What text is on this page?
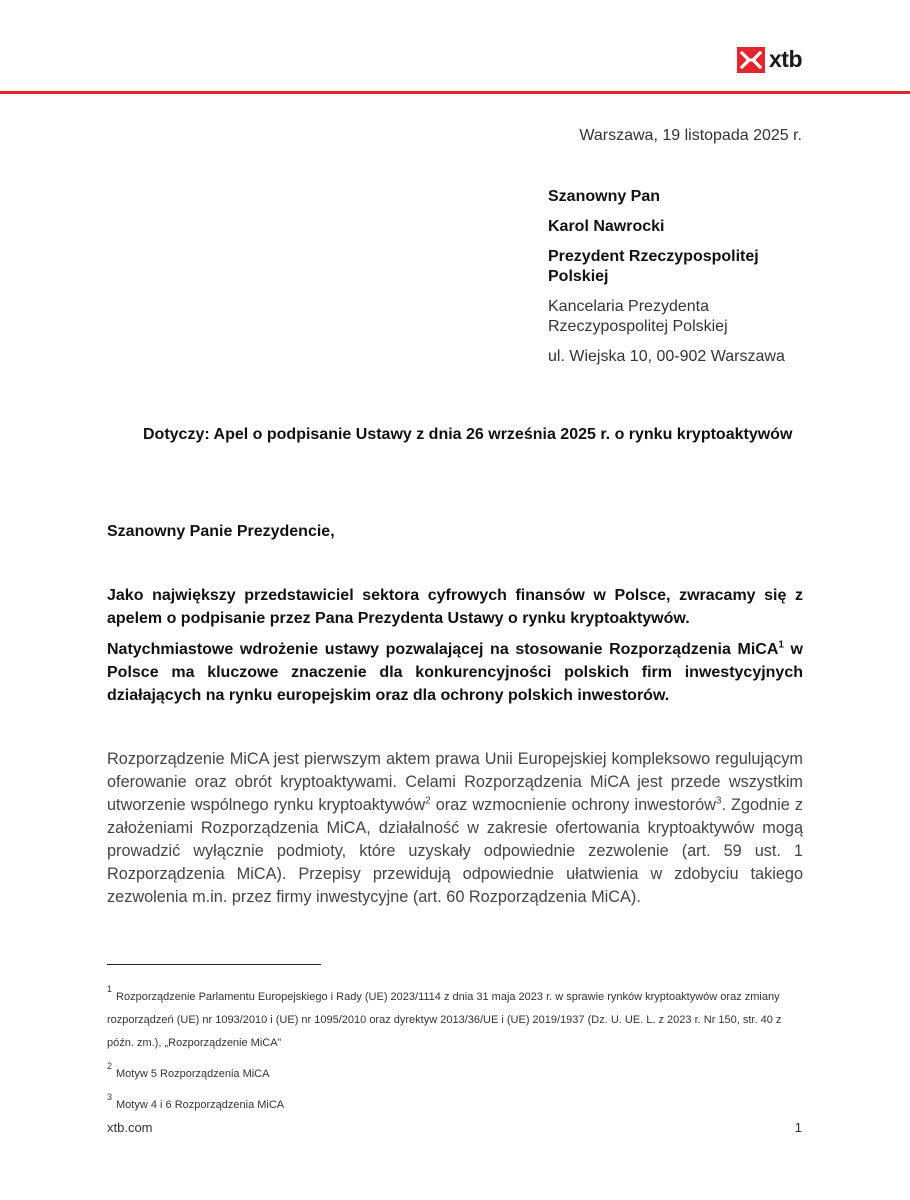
xtb
Warszawa, 19 listopada 2025 r.
Szanowny Pan
Karol Nawrocki
Prezydent Rzeczypospolitej Polskiej
Kancelaria Prezydenta Rzeczypospolitej Polskiej
ul. Wiejska 10, 00-902 Warszawa
Dotyczy: Apel o podpisanie Ustawy z dnia 26 września 2025 r. o rynku kryptoaktywów
Szanowny Panie Prezydencie,
Jako największy przedstawiciel sektora cyfrowych finansów w Polsce, zwracamy się z apelem o podpisanie przez Pana Prezydenta Ustawy o rynku kryptoaktywów.
Natychmiastowe wdrożenie ustawy pozwalającej na stosowanie Rozporządzenia MiCA$^1$ w Polsce ma kluczowe znaczenie dla konkurencyjności polskich firm inwestycyjnych działających na rynku europejskim oraz dla ochrony polskich inwestorów.
Rozporządzenie MiCA jest pierwszym aktem prawa Unii Europejskiej kompleksowo regulującym oferowanie oraz obrót kryptoaktywami. Celami Rozporządzenia MiCA jest przede wszystkim utworzenie wspólnego rynku kryptoaktywów$^2$ oraz wzmocnienie ochrony inwestorów$^3$. Zgodnie z założeniami Rozporządzenia MiCA, działalność w zakresie ofertowania kryptoaktywów mogą prowadzić wyłącznie podmioty, które uzyskały odpowiednie zezwolenie (art. 59 ust. 1 Rozporządzenia MiCA). Przepisy przewidują odpowiednie ułatwienia w zdobyciu takiego zezwolenia m.in. przez firmy inwestycyjne (art. 60 Rozporządzenia MiCA).
$^1$Rozporządzenie Parlamentu Europejskiego i Rady (UE) 2023/1114 z dnia 31 maja 2023 r. w sprawie rynków kryptoaktywów oraz zmiany rozporządzeń (UE) nr 1093/2010 i (UE) nr 1095/2010 oraz dyrektyw 2013/36/UE i (UE) 2019/1937 (Dz. U. UE. L. z 2023 r. Nr 150, str. 40 z późn. zm.), „Rozporządzenie MiCA”
$^2$Motyw 5 Rozporządzenia MiCA
$^3$Motyw 4 i 6 Rozporządzenia MiCA
xtb.com	1
